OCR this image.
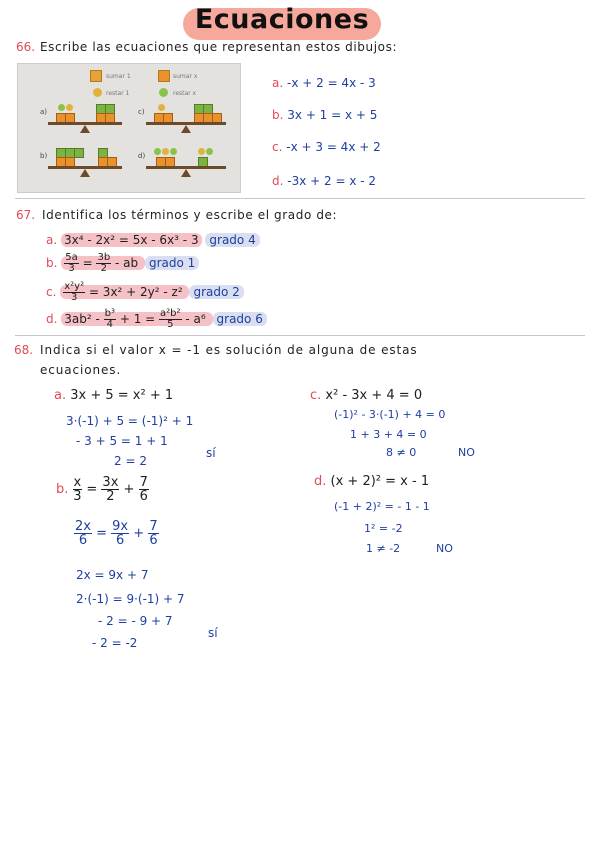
Ecuaciones
66. Escribe las ecuaciones que representan estos dibujos:
sumar 1	sumar x
restar 1	restar x
a)	c)
b)	d)
a. -x + 2 = 4x - 3
b. 3x + 1 = x + 5
c. -x + 3 = 4x + 2
d. -3x + 2 = x - 2
67. Identifica los términos y escribe el grado de:
a. 3x⁴ - 2x² = 5x - 6x³ - 3 grado 4
b. $\frac{5a}{3} = \frac{3b}{2}$ - ab grado 1
c. $\frac{\text{x²y²}}{3} = 3x^2 + 2y^2 - z^2$ grado 2
d. $3ab^2 - \frac{\text{b³}}{4} + 1 = \frac{\text{a²b²}}{5} - a^6$ grado 6
68. Indica si el valor x = -1 es solución de alguna de estas
ecuaciones.
a. 3x + 5 = x² + 1
3·(-1) + 5 = (-1)² + 1
- 3 + 5 = 1 + 1
2 = 2
sí
b. $\frac{x}{3} = \frac{3x}{2} + \frac{7}{6}$
$\frac{2x}{6} = \frac{9x}{6} + \frac{7}{6}$
2x = 9x + 7
2·(-1) = 9·(-1) + 7
- 2 = - 9 + 7
- 2 = -2
sí
c. x² - 3x + 4 = 0
(-1)² - 3·(-1) + 4 = 0
1 + 3 + 4 = 0
8 ≠ 0	NO
d. (x + 2)² = x - 1
(-1 + 2)² = - 1 - 1
1² = -2
1 ≠ -2	NO
